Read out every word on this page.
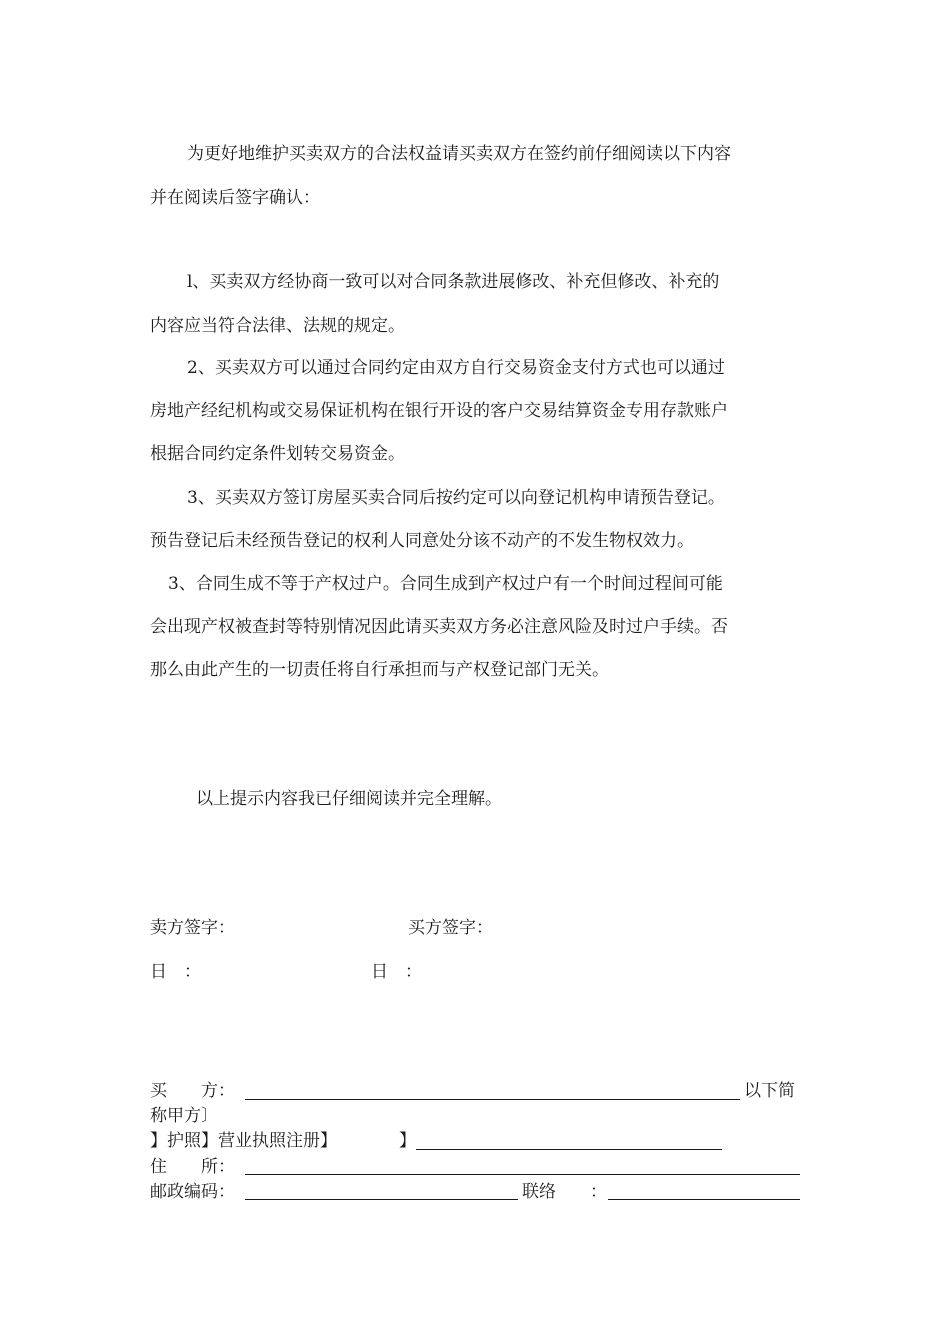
为更好地维护买卖双方的合法权益请买卖双方在签约前仔细阅读以下内容
并在阅读后签字确认：
l、买卖双方经协商一致可以对合同条款进展修改、补充但修改、补充的
内容应当符合法律、法规的规定。
2、买卖双方可以通过合同约定由双方自行交易资金支付方式也可以通过
房地产经纪机构或交易保证机构在银行开设的客户交易结算资金专用存款账户
根据合同约定条件划转交易资金。
3、买卖双方签订房屋买卖合同后按约定可以向登记机构申请预告登记。
预告登记后未经预告登记的权利人同意处分该不动产的不发生物权效力。
3、合同生成不等于产权过户。合同生成到产权过户有一个时间过程间可能
会出现产权被查封等特别情况因此请买卖双方务必注意风险及时过户手续。否
那么由此产生的一切责任将自行承担而与产权登记部门无关。
以上提示内容我已仔细阅读并完全理解。
卖方签字：	买方签字：
日　：	日　：
买　　方：	以下简
称甲方〕
】护照】营业执照注册】	】
住　　所：
邮政编码：	联络　　：
